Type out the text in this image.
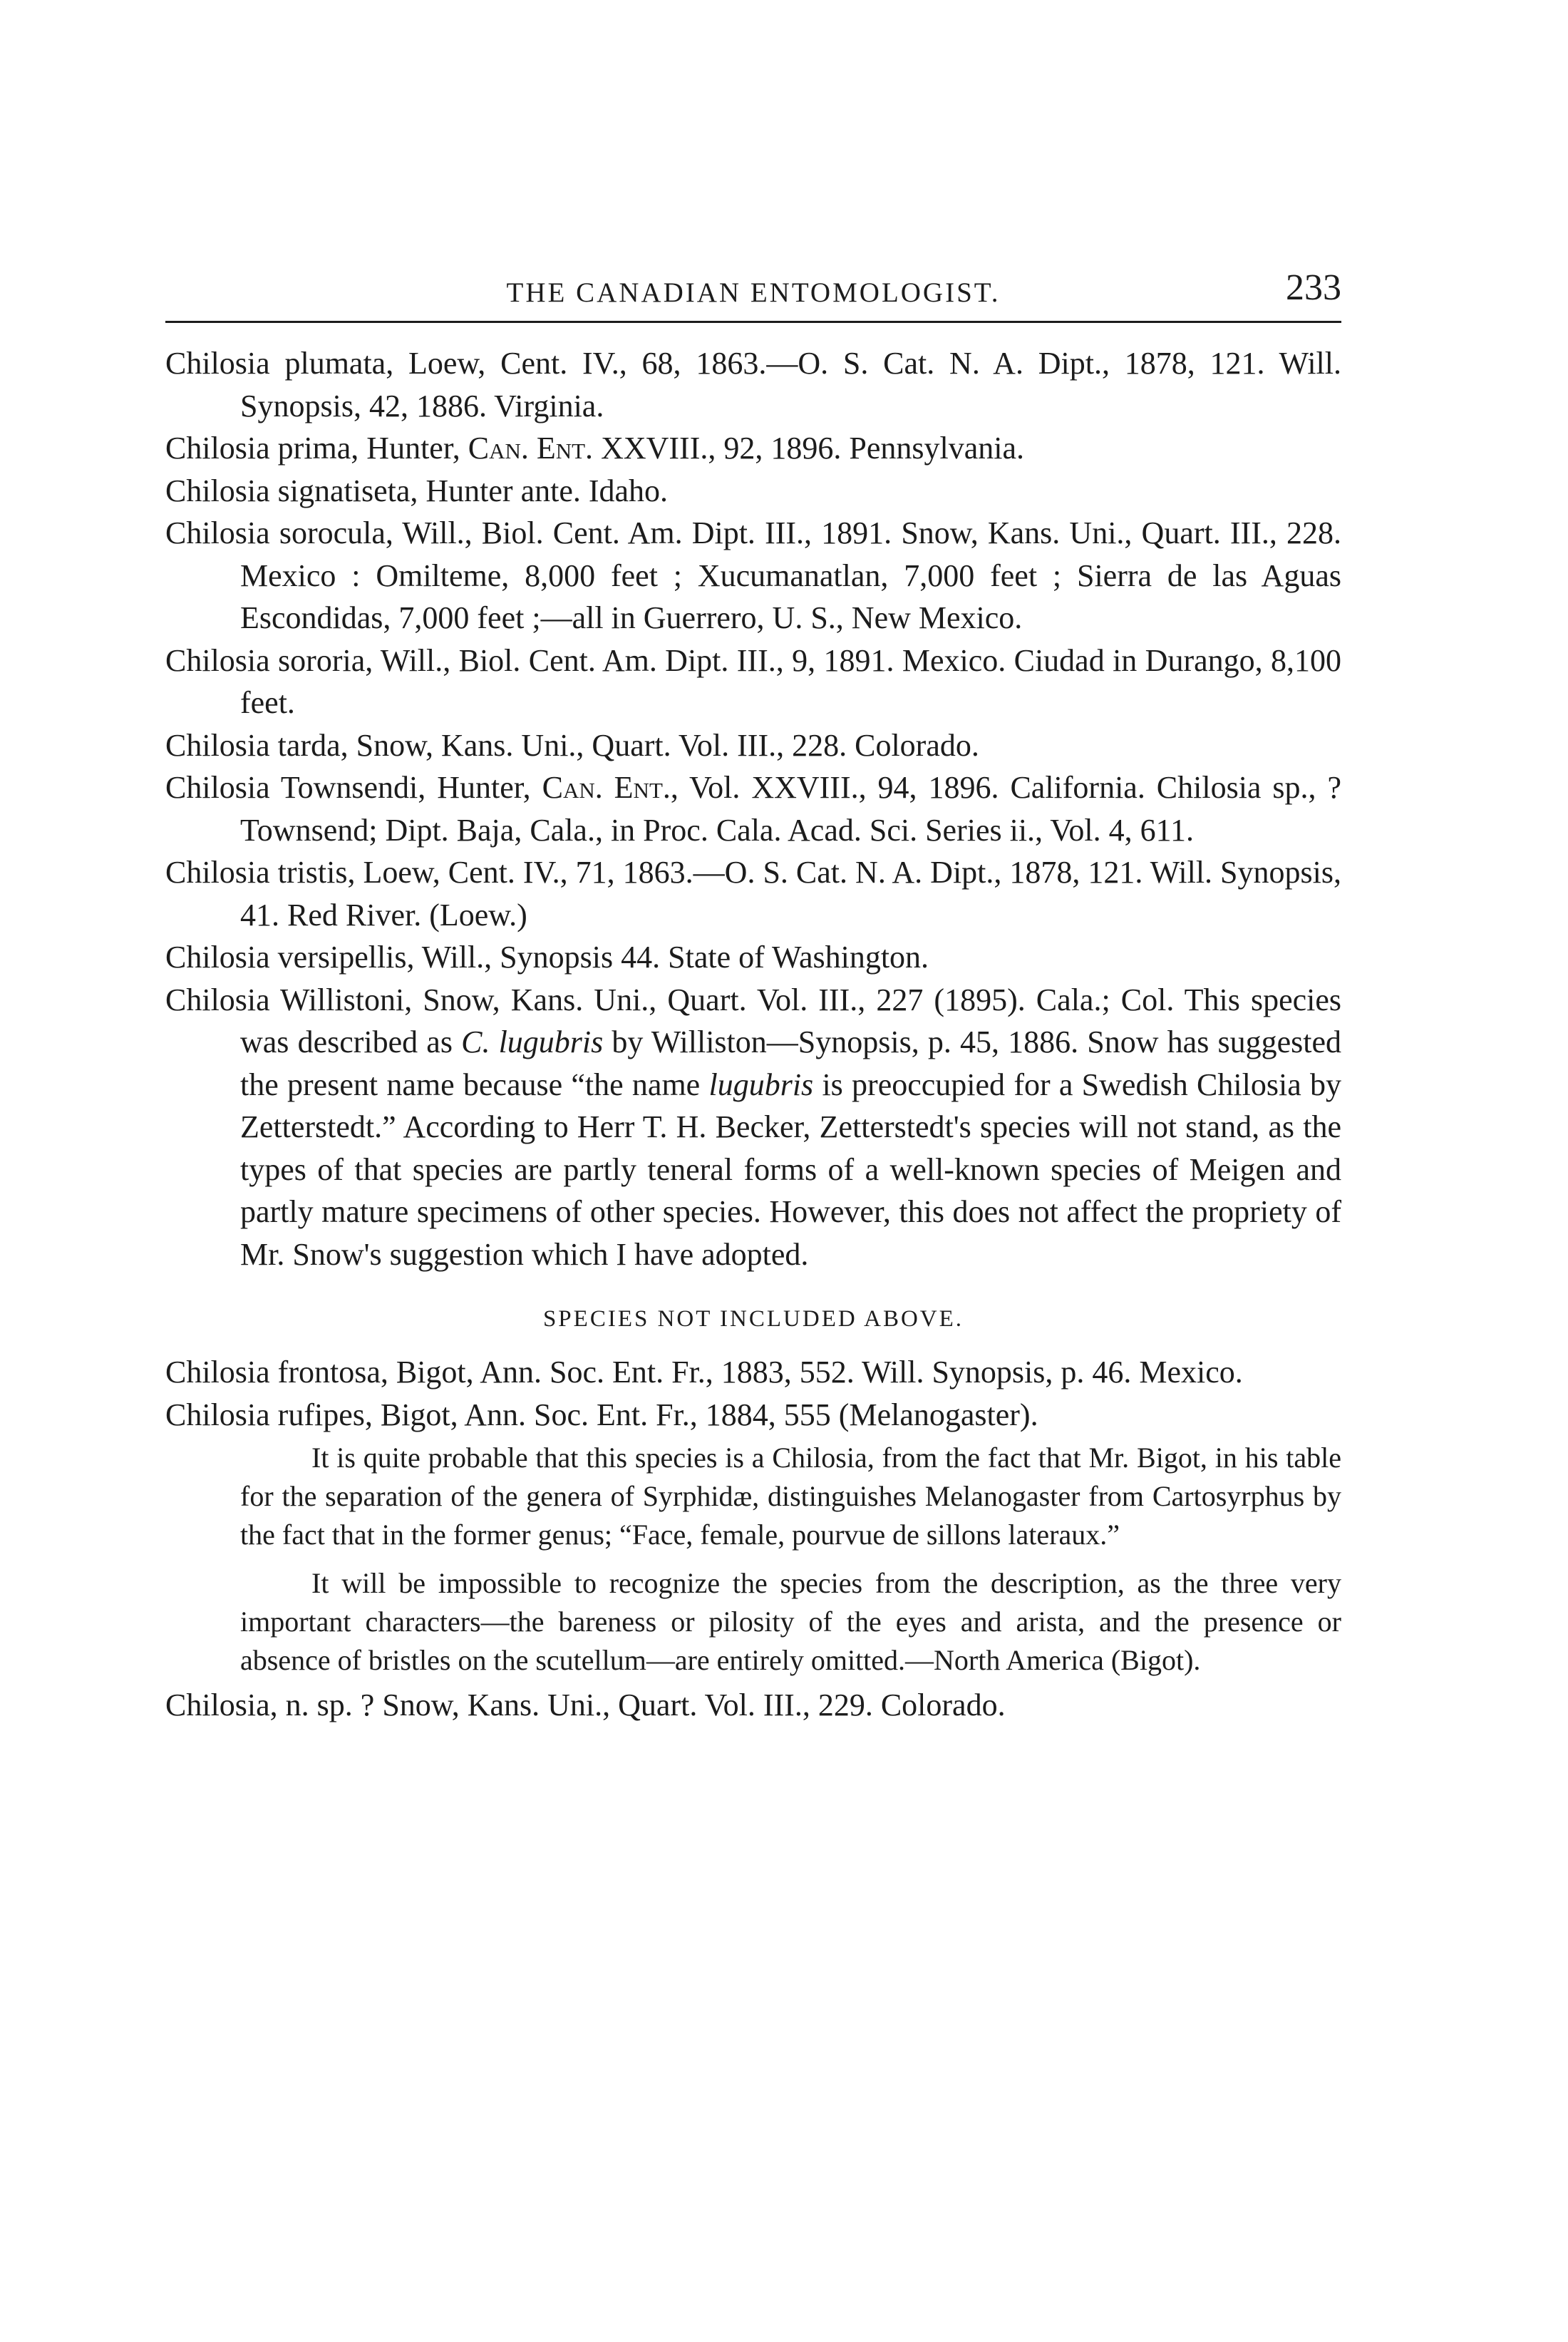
THE CANADIAN ENTOMOLOGIST.	233

Chilosia plumata, Loew, Cent. IV., 68, 1863.—O. S. Cat. N. A. Dipt., 1878, 121. Will. Synopsis, 42, 1886. Virginia.

Chilosia prima, Hunter, Can. Ent. XXVIII., 92, 1896. Pennsylvania.

Chilosia signatiseta, Hunter ante. Idaho.

Chilosia sorocula, Will., Biol. Cent. Am. Dipt. III., 1891. Snow, Kans. Uni., Quart. III., 228. Mexico : Omilteme, 8,000 feet ; Xucumanatlan, 7,000 feet ; Sierra de las Aguas Escondidas, 7,000 feet ;—all in Guerrero, U. S., New Mexico.

Chilosia sororia, Will., Biol. Cent. Am. Dipt. III., 9, 1891. Mexico. Ciudad in Durango, 8,100 feet.

Chilosia tarda, Snow, Kans. Uni., Quart. Vol. III., 228. Colorado.

Chilosia Townsendi, Hunter, Can. Ent., Vol. XXVIII., 94, 1896. California. Chilosia sp., ? Townsend; Dipt. Baja, Cala., in Proc. Cala. Acad. Sci. Series ii., Vol. 4, 611.

Chilosia tristis, Loew, Cent. IV., 71, 1863.—O. S. Cat. N. A. Dipt., 1878, 121. Will. Synopsis, 41. Red River. (Loew.)

Chilosia versipellis, Will., Synopsis 44. State of Washington.

Chilosia Willistoni, Snow, Kans. Uni., Quart. Vol. III., 227 (1895). Cala.; Col. This species was described as C. lugubris by Williston—Synopsis, p. 45, 1886. Snow has suggested the present name because “the name lugubris is preoccupied for a Swedish Chilosia by Zetterstedt.” According to Herr T. H. Becker, Zetterstedt's species will not stand, as the types of that species are partly teneral forms of a well-known species of Meigen and partly mature specimens of other species. However, this does not affect the propriety of Mr. Snow's suggestion which I have adopted.

SPECIES NOT INCLUDED ABOVE.

Chilosia frontosa, Bigot, Ann. Soc. Ent. Fr., 1883, 552. Will. Synopsis, p. 46. Mexico.

Chilosia rufipes, Bigot, Ann. Soc. Ent. Fr., 1884, 555 (Melanogaster).

It is quite probable that this species is a Chilosia, from the fact that Mr. Bigot, in his table for the separation of the genera of Syrphidæ, distinguishes Melanogaster from Cartosyrphus by the fact that in the former genus; “Face, female, pourvue de sillons lateraux.”

It will be impossible to recognize the species from the description, as the three very important characters—the bareness or pilosity of the eyes and arista, and the presence or absence of bristles on the scutellum—are entirely omitted.—North America (Bigot).

Chilosia, n. sp. ? Snow, Kans. Uni., Quart. Vol. III., 229. Colorado.
